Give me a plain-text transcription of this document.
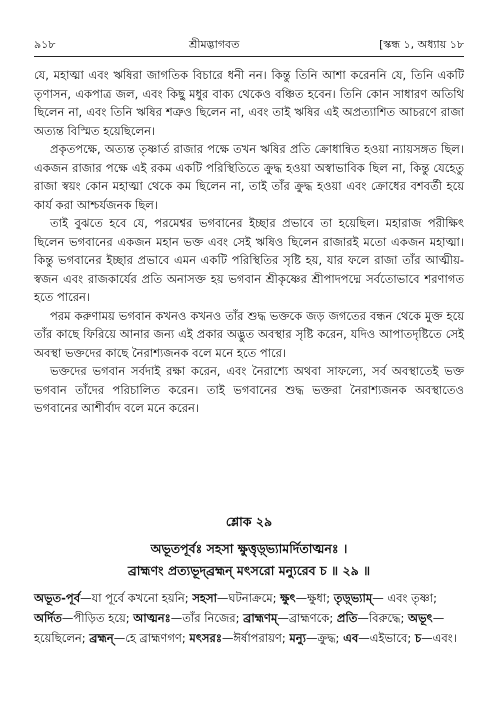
৯১৮	শ্রীমদ্ভাগবত	[স্কন্ধ ১, অধ্যায় ১৮

যে, মহাত্মা এবং ঋষিরা জাগতিক বিচারে ধনী নন। কিন্তু তিনি আশা করেননি যে, তিনি একটি তৃণাসন, একপাত্র জল, এবং কিছু মধুর বাক্য থেকেও বঞ্চিত হবেন। তিনি কোন সাধারণ অতিথি ছিলেন না, এবং তিনি ঋষির শত্রুও ছিলেন না, এবং তাই ঋষির এই অপ্রত্যাশিত আচরণে রাজা অত্যন্ত বিস্মিত হয়েছিলেন।

প্রকৃতপক্ষে, অত্যন্ত তৃষ্ণার্ত রাজার পক্ষে তখন ঋষির প্রতি ক্রোধান্বিত হওয়া ন্যায়সঙ্গত ছিল। একজন রাজার পক্ষে এই রকম একটি পরিস্থিতিতে ক্রুদ্ধ হওয়া অস্বাভাবিক ছিল না, কিন্তু যেহেতু রাজা স্বয়ং কোন মহাত্মা থেকে কম ছিলেন না, তাই তাঁর ক্রুদ্ধ হওয়া এবং ক্রোধের বশবর্তী হয়ে কার্য করা আশ্চর্যজনক ছিল।

তাই বুঝতে হবে যে, পরমেশ্বর ভগবানের ইচ্ছার প্রভাবে তা হয়েছিল। মহারাজ পরীক্ষিৎ ছিলেন ভগবানের একজন মহান ভক্ত এবং সেই ঋষিও ছিলেন রাজারই মতো একজন মহাত্মা। কিন্তু ভগবানের ইচ্ছার প্রভাবে এমন একটি পরিস্থিতির সৃষ্টি হয়, যার ফলে রাজা তাঁর আত্মীয়-স্বজন এবং রাজকার্যের প্রতি অনাসক্ত হয় ভগবান শ্রীকৃষ্ণের শ্রীপাদপদ্মে সর্বতোভাবে শরণাগত হতে পারেন।

পরম করুণাময় ভগবান কখনও কখনও তাঁর শুদ্ধ ভক্তকে জড় জগতের বন্ধন থেকে মুক্ত হয়ে তাঁর কাছে ফিরিয়ে আনার জন্য এই প্রকার অদ্ভুত অবস্থার সৃষ্টি করেন, যদিও আপাতদৃষ্টিতে সেই অবস্থা ভক্তদের কাছে নৈরাশ্যজনক বলে মনে হতে পারে।

ভক্তদের ভগবান সর্বদাই রক্ষা করেন, এবং নৈরাশ্যে অথবা সাফল্যে, সর্ব অবস্থাতেই ভক্ত ভগবান তাঁদের পরিচালিত করেন। তাই ভগবানের শুদ্ধ ভক্তরা নৈরাশ্যজনক অবস্থাতেও ভগবানের আশীর্বাদ বলে মনে করেন।

শ্লোক ২৯
অভূতপূর্বঃ সহসা ক্ষুত্তৃড়্ভ্যামর্দিতাত্মনঃ ।
ব্রাহ্মণং প্রত্যভূদ্‌ব্রহ্মন্ মৎসরো মন্যুরেব চ ॥ ২৯ ॥
অভূত-পূর্ব—যা পূর্বে কখনো হয়নি; সহসা—ঘটনাক্রমে; ক্ষুৎ—ক্ষুধা; তৃড়্ভ্যাম্— এবং তৃষ্ণা; অর্দিত—পীড়িত হয়ে; আত্মনঃ—তাঁর নিজের; ব্রাহ্মণম্—ব্রাহ্মণকে; প্রতি—বিরুদ্ধে; অভূৎ—হয়েছিলেন; ব্রহ্মন্—হে ব্রাহ্মণগণ; মৎসরঃ—ঈর্ষাপরায়ণ; মন্যু—ক্রুদ্ধ; এব—এইভাবে; চ—এবং।
